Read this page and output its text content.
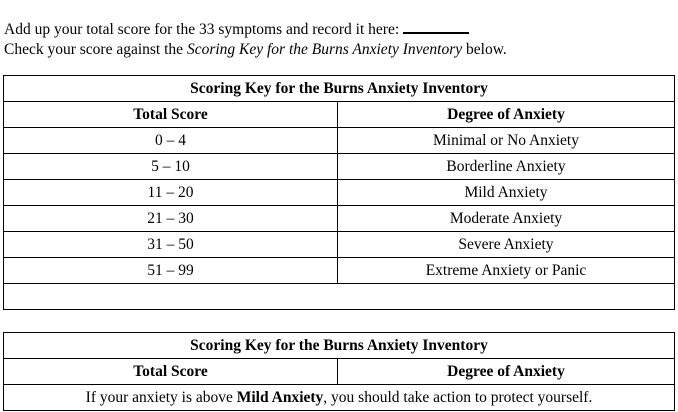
Add up your total score for the 33 symptoms and record it here:
Check your score against the Scoring Key for the Burns Anxiety Inventory below.
Scoring Key for the Burns Anxiety Inventory	
Total Score	Degree of Anxiety
0 – 4	Minimal or No Anxiety
5 – 10	Borderline Anxiety
11 – 20	Mild Anxiety
21 – 30	Moderate Anxiety
31 – 50	Severe Anxiety
51 – 99	Extreme Anxiety or Panic

Scoring Key for the Burns Anxiety Inventory
Total Score	Degree of Anxiety
If your anxiety is above Mild Anxiety, you should take action to protect yourself.
